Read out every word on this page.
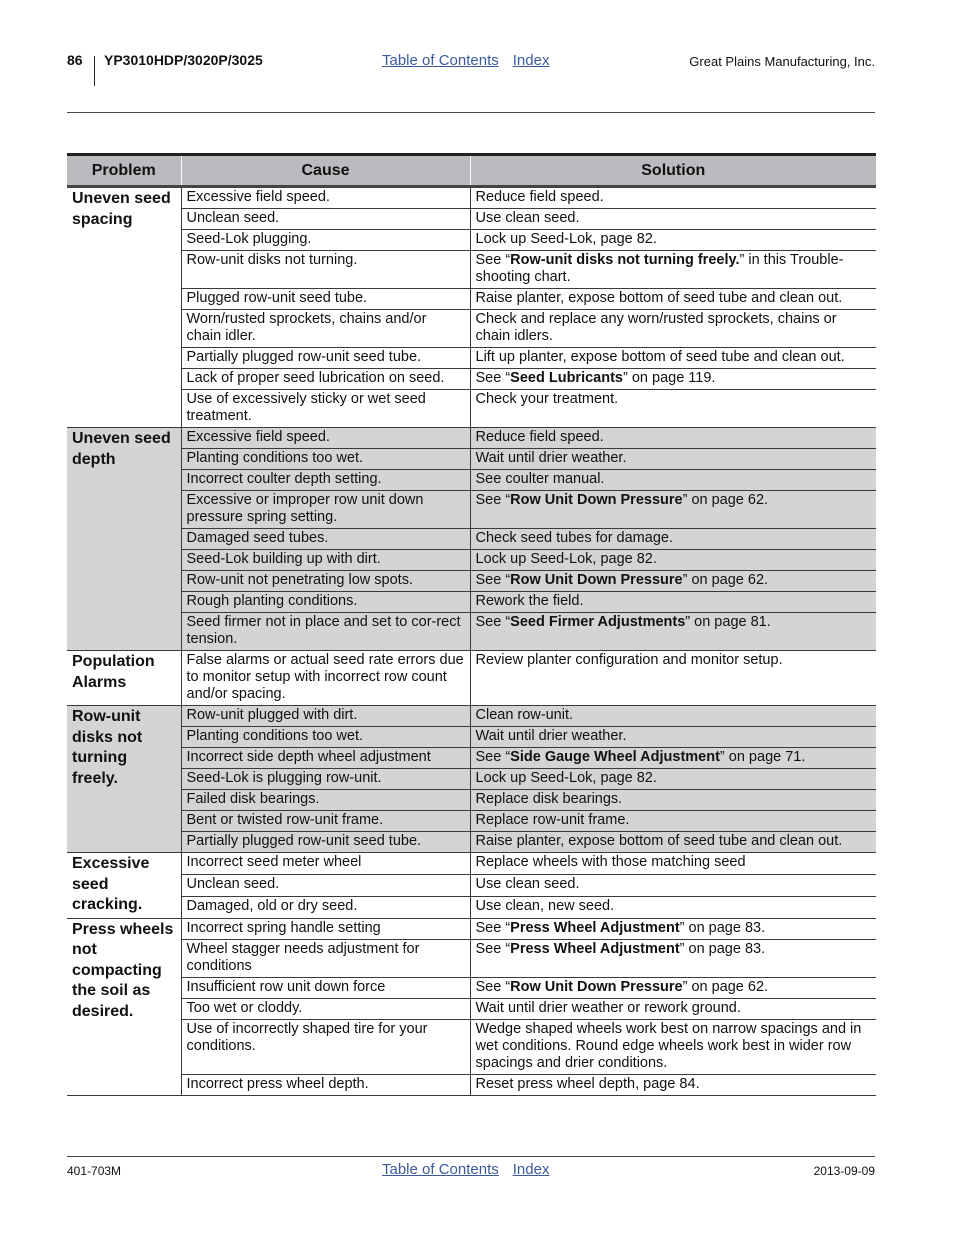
86 YP3010HDP/3020P/3025	Table of Contents Index	Great Plains Manufacturing, Inc.
Problem	Cause	Solution
Uneven seed spacing	Excessive field speed.	Reduce field speed.
	Unclean seed.	Use clean seed.
	Seed-Lok plugging.	Lock up Seed-Lok, page 82.
	Row-unit disks not turning.	See “Row-unit disks not turning freely.” in this Trouble-shooting chart.
	Plugged row-unit seed tube.	Raise planter, expose bottom of seed tube and clean out.
	Worn/rusted sprockets, chains and/or chain idler.	Check and replace any worn/rusted sprockets, chains or chain idlers.
	Partially plugged row-unit seed tube.	Lift up planter, expose bottom of seed tube and clean out.
	Lack of proper seed lubrication on seed.	See “Seed Lubricants” on page 119.
	Use of excessively sticky or wet seed treatment.	Check your treatment.
Uneven seed depth	Excessive field speed.	Reduce field speed.
	Planting conditions too wet.	Wait until drier weather.
	Incorrect coulter depth setting.	See coulter manual.
	Excessive or improper row unit down pressure spring setting.	See “Row Unit Down Pressure” on page 62.
	Damaged seed tubes.	Check seed tubes for damage.
	Seed-Lok building up with dirt.	Lock up Seed-Lok, page 82.
	Row-unit not penetrating low spots.	See “Row Unit Down Pressure” on page 62.
	Rough planting conditions.	Rework the field.
	Seed firmer not in place and set to cor-rect tension.	See “Seed Firmer Adjustments” on page 81.
Population Alarms	False alarms or actual seed rate errors due to monitor setup with incorrect row count and/or spacing.	Review planter configuration and monitor setup.
Row-unit disks not turning freely.	Row-unit plugged with dirt.	Clean row-unit.
	Planting conditions too wet.	Wait until drier weather.
	Incorrect side depth wheel adjustment	See “Side Gauge Wheel Adjustment” on page 71.
	Seed-Lok is plugging row-unit.	Lock up Seed-Lok, page 82.
	Failed disk bearings.	Replace disk bearings.
	Bent or twisted row-unit frame.	Replace row-unit frame.
	Partially plugged row-unit seed tube.	Raise planter, expose bottom of seed tube and clean out.
Excessive seed cracking.	Incorrect seed meter wheel	Replace wheels with those matching seed
	Unclean seed.	Use clean seed.
	Damaged, old or dry seed.	Use clean, new seed.
Press wheels not compacting the soil as desired.	Incorrect spring handle setting	See “Press Wheel Adjustment” on page 83.
	Wheel stagger needs adjustment for conditions	See “Press Wheel Adjustment” on page 83.
	Insufficient row unit down force	See “Row Unit Down Pressure” on page 62.
	Too wet or cloddy.	Wait until drier weather or rework ground.
	Use of incorrectly shaped tire for your conditions.	Wedge shaped wheels work best on narrow spacings and in wet conditions. Round edge wheels work best in wider row spacings and drier conditions.
	Incorrect press wheel depth.	Reset press wheel depth, page 84.
401-703M	Table of Contents Index	2013-09-09
